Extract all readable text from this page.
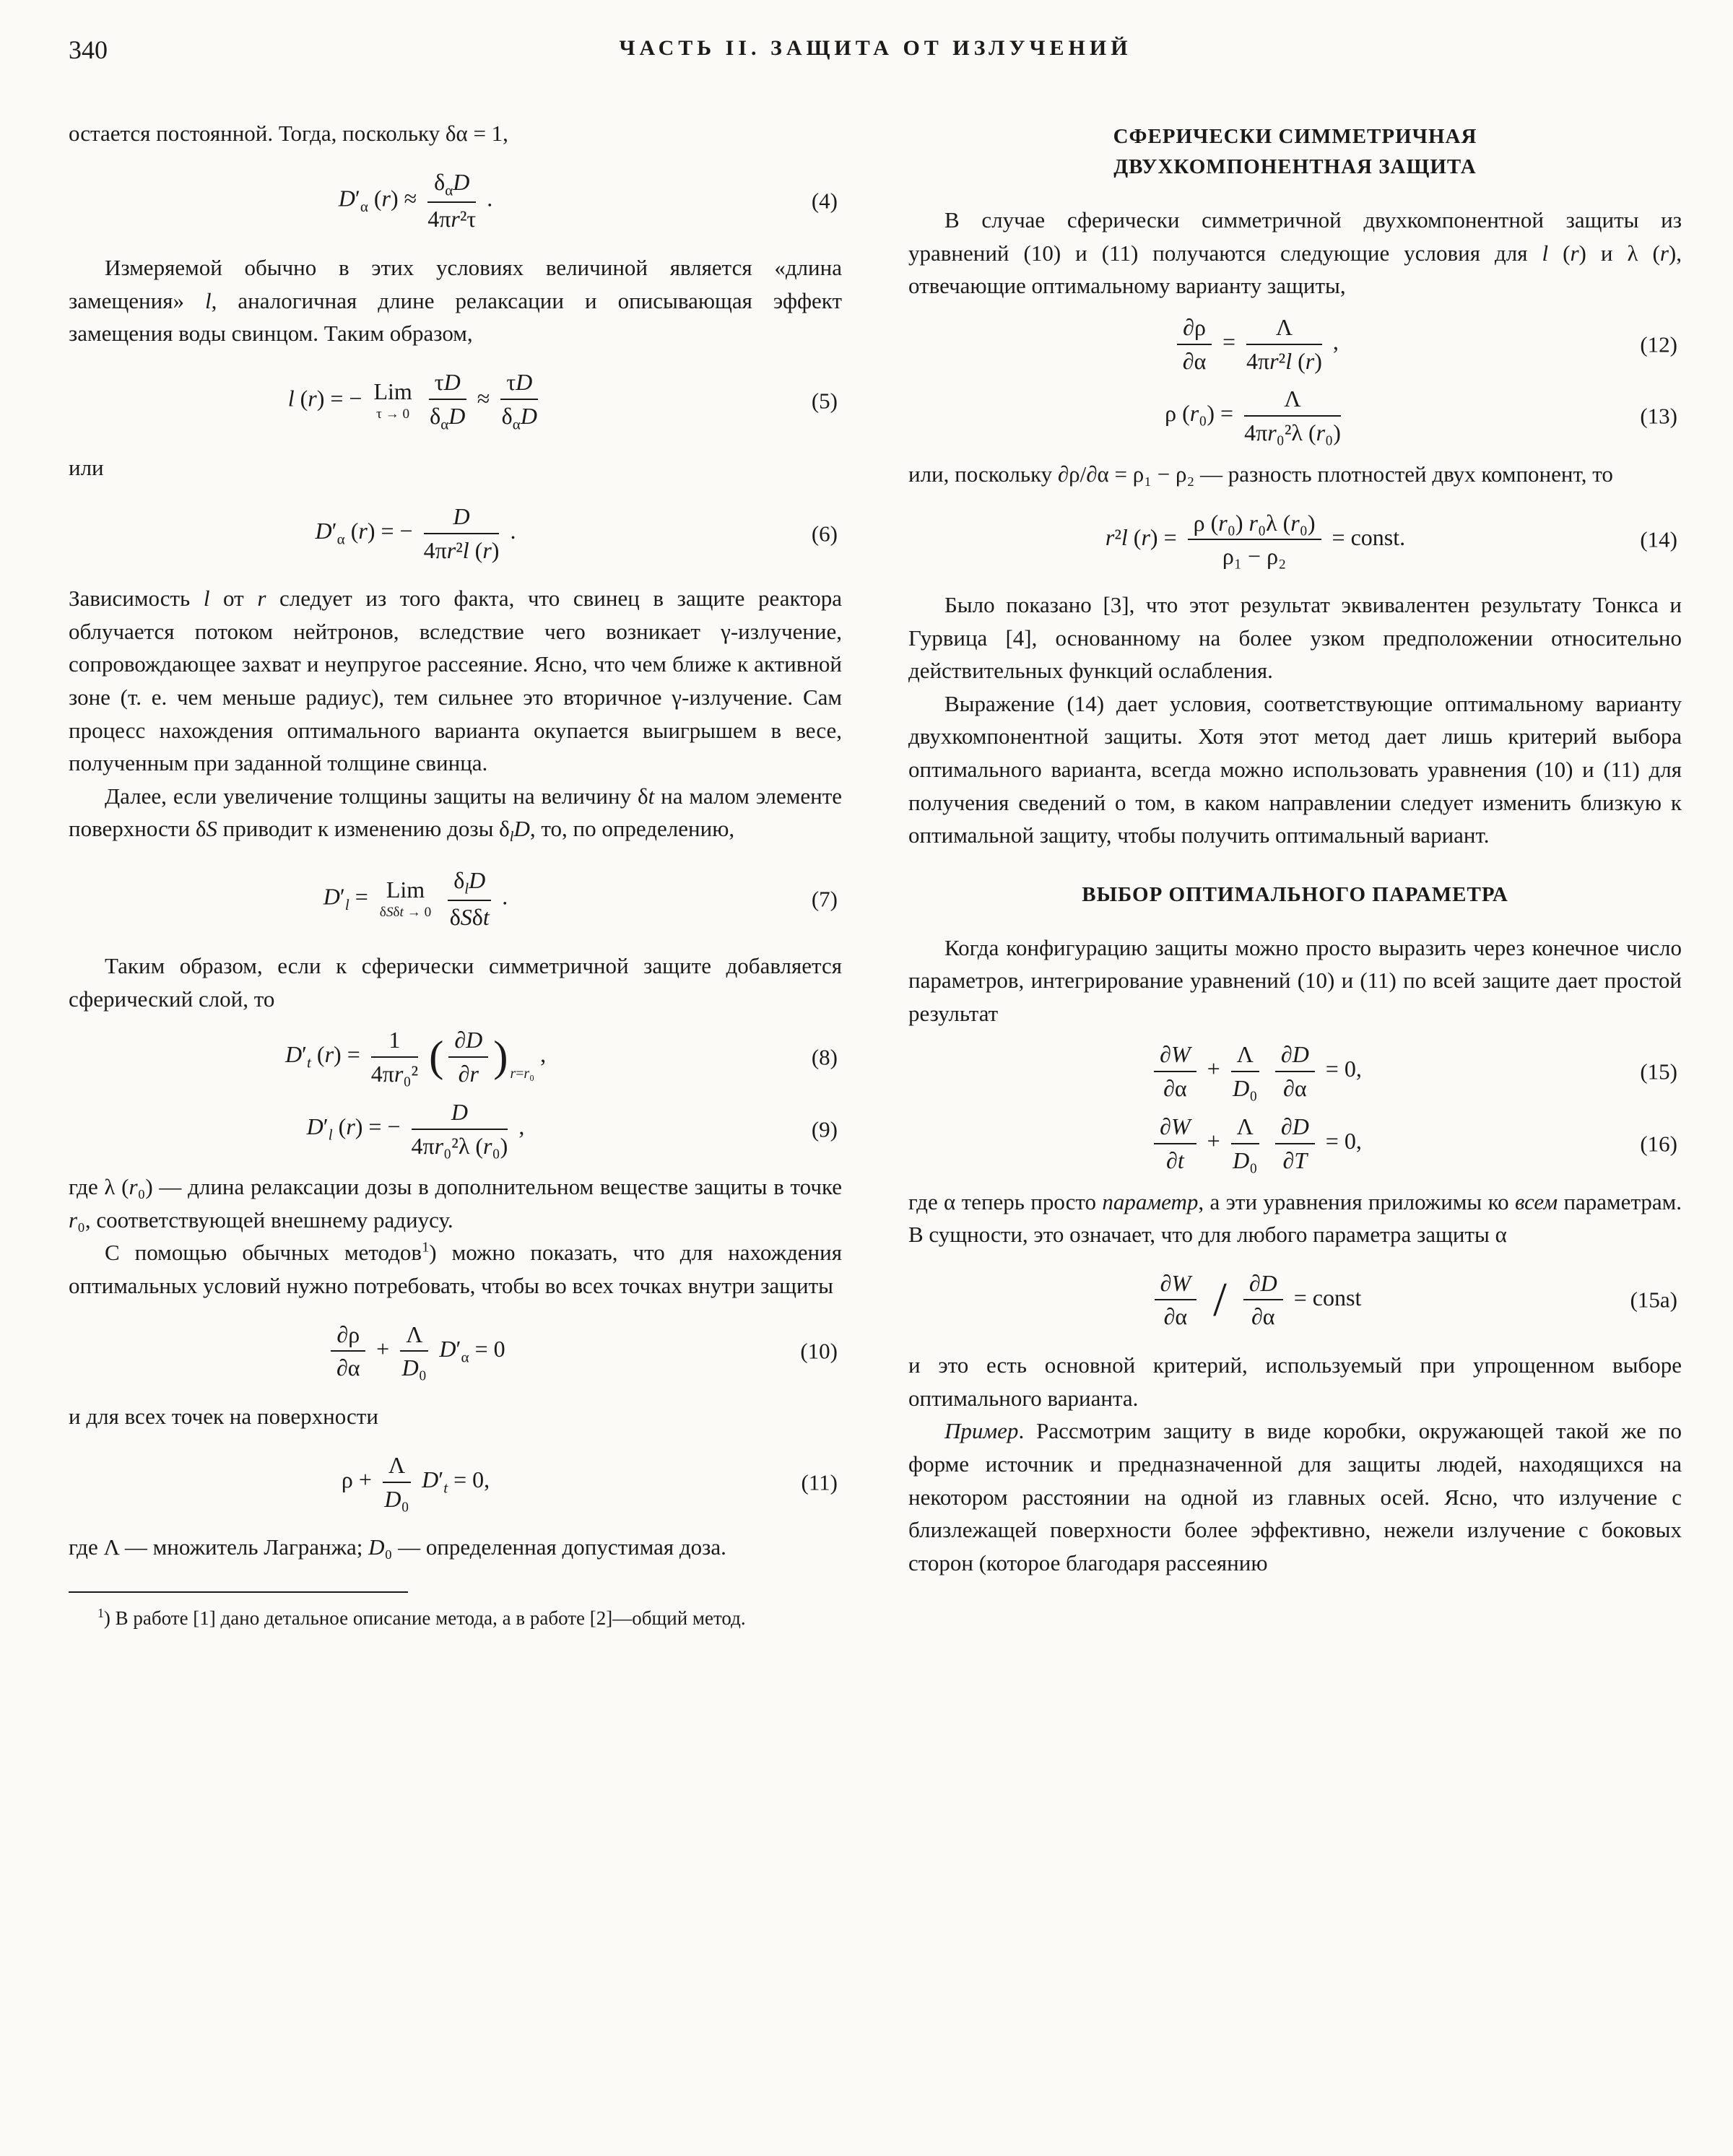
340	ЧАСТЬ II. ЗАЩИТА ОТ ИЗЛУЧЕНИЙ

остается постоянной. Тогда, поскольку δα = 1,

$D'_\alpha$ (r) ≈
$\delta_\alpha D$
4πr²τ
.	(4)

Измеряемой обычно в этих условиях величиной является «длина замещения» l, аналогичная длине релаксации и описывающая эффект замещения воды свинцом. Таким образом,

l (r) = − Lim
τ → 0

τD
$\delta_\alpha D$
≈
τD
$\delta_\alpha D$
(5)

или

$D'_\alpha$ (r) = − $\frac{D}{\text{4πr²l (r)}}$ .	(6)

Зависимость l от r следует из того факта, что свинец в защите реактора облучается потоком нейтронов, вследствие чего возникает γ-излучение, сопровождающее захват и неупругое рассеяние. Ясно, что чем ближе к активной зоне (т. е. чем меньше радиус), тем сильнее это вторичное γ-излучение. Сам процесс нахождения оптимального варианта окупается выигрышем в весе, полученным при заданной толщине свинца.

Далее, если увеличение толщины защиты на величину δt на малом элементе поверхности δS приводит к изменению дозы $\delta_lD$, то, по определению,

$D'_l$ = Lim
δSδt → 0

$\delta_lD$
δSδt
.	(7)

Таким образом, если к сферически симметричной защите добавляется сферический слой, то

$D'_t$ $(r) = \frac{1}{\text{4πr₀²}}$ ( $\frac{\partial D}{\partial r}$ ) $_{r=r_0}$ ,	(8)
$D'_l$ (r) = − $\frac{D}{\text{4πr₀²λ (r₀)}}$ ,	(9)

где λ (r₀) — длина релаксации дозы в дополнительном веществе защиты в точке r₀, соответствующей внешнему радиусу.

С помощью обычных методов$^1$) можно показать, что для нахождения оптимальных условий нужно потребовать, чтобы во всех точках внутри защиты

$\frac{\partial\rho}{\partial\alpha} + \frac{\Lambda}{\text{D₀}} D'_\alpha = 0$	(10)

и для всех точек на поверхности

$\rho + \frac{\Lambda}{\text{D₀}} D'_t = 0$,	(11)

где Λ — множитель Лагранжа; D₀ — определенная допустимая доза.

$^1$) В работе [1] дано детальное описание метода, а в работе [2]—общий метод.

СФЕРИЧЕСКИ СИММЕТРИЧНАЯ
ДВУХКОМПОНЕНТНАЯ ЗАЩИТА

В случае сферически симметричной двухкомпонентной защиты из уравнений (10) и (11) получаются следующие условия для l (r) и λ (r), отвечающие оптимальному варианту защиты,

$\frac{\partial\rho}{\partial\alpha} = \frac{\Lambda}{\text{4πr²l (r)}}$ ,	(12)
ρ $(r_0) = \frac{\Lambda}{\text{4πr₀²λ (r₀)}}$	(13)

или, поскольку ∂ρ/∂α = ρ₁ − ρ₂ — разность плотностей двух компонент, то

r²l $(r) = \frac{\text{ρ (r₀) r₀λ (r₀)}}{\text{ρ₁ − ρ₂}}$ = const.	(14)

Было показано [3], что этот результат эквивалентен результату Тонкса и Гурвица [4], основанному на более узком предположении относительно действительных функций ослабления.

Выражение (14) дает условия, соответствующие оптимальному варианту двухкомпонентной защиты. Хотя этот метод дает лишь критерий выбора оптимального варианта, всегда можно использовать уравнения (10) и (11) для получения сведений о том, в каком направлении следует изменить близкую к оптимальной защиту, чтобы получить оптимальный вариант.

ВЫБОР ОПТИМАЛЬНОГО ПАРАМЕТРА

Когда конфигурацию защиты можно просто выразить через конечное число параметров, интегрирование уравнений (10) и (11) по всей защите дает простой результат

$\frac{\partial W}{\partial\alpha} + \frac{\Lambda}{\text{D₀}}$
$\frac{\partial D}{\partial\alpha} = 0$,	(15)
$\frac{\partial W}{\partial t} + \frac{\Lambda}{\text{D₀}}$
$\frac{\partial D}{\partial T} = 0$,	(16)

где α теперь просто параметр, а эти уравнения приложимы ко всем параметрам. В сущности, это означает, что для любого параметра защиты α

$\frac{\partial W}{\partial\alpha} / \frac{\partial D}{\partial\alpha}$ = const	(15a)

и это есть основной критерий, используемый при упрощенном выборе оптимального варианта.

Пример. Рассмотрим защиту в виде коробки, окружающей такой же по форме источник и предназначенной для защиты людей, находящихся на некотором расстоянии на одной из главных осей. Ясно, что излучение с близлежащей поверхности более эффективно, нежели излучение с боковых сторон (которое благодаря рассеянию
